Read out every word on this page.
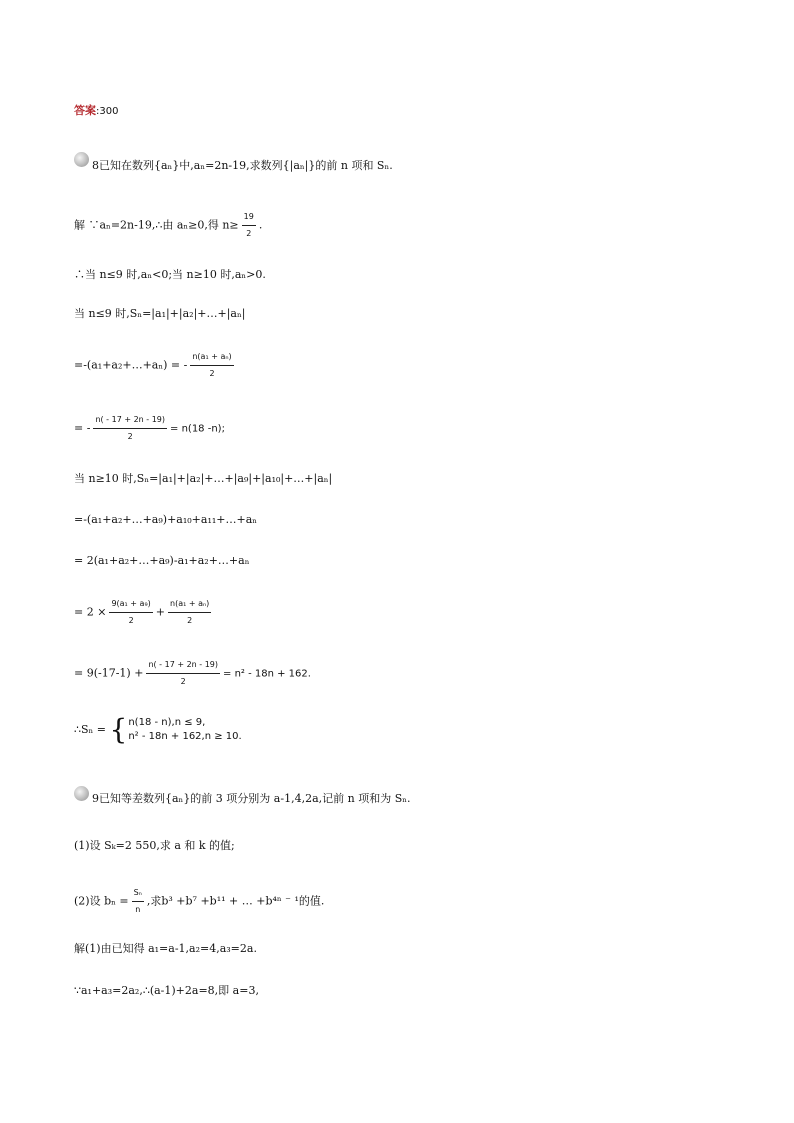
答案:300
8已知在数列{aₙ}中,aₙ=2n-19,求数列{|aₙ|}的前 n 项和 Sₙ.
解 ∵aₙ=2n-19,∴由 aₙ≥0,得 $n\ge \frac{19}{2}$ .
∴当 n≤9 时,aₙ<0;当 n≥10 时,aₙ>0.
当 n≤9 时,Sₙ=|a₁|+|a₂|+…+|aₙ|
=-(a₁+a₂+…+aₙ) = - $\frac{\text{n(a₁ + aₙ)}}{2}$
= - $\frac{n( - 17 + 2n - 19)}{2} = n(18$ -n);
当 n≥10 时,Sₙ=|a₁|+|a₂|+…+|a₉|+|a₁₀|+…+|aₙ|
=-(a₁+a₂+…+a₉)+a₁₀+a₁₁+…+aₙ
= 2(a₁+a₂+…+a₉)-a₁+a₂+…+aₙ
= $2 \times \frac{\text{9(a₁ + a₉)}}{2} + \frac{\text{n(a₁ + aₙ)}}{2}$
= $9(-17-1) + \frac{n( - 17 + 2n - 19)}{2} = n^2 - 18n + 162$.
∴Sₙ = { n(18 - n),n ≤ 9,
n² - 18n + 162,n ≥ 10.
9已知等差数列{aₙ}的前 3 项分别为 a-1,4,2a,记前 n 项和为 Sₙ.
(1)设 Sₖ=2 550,求 a 和 k 的值;
(2)设 $b_n = \frac{\text{Sₙ}}{n}$ ,求b³ +b⁷ +b¹¹ + … +b⁴ⁿ ⁻ ¹的值.
解(1)由已知得 a₁=a-1,a₂=4,a₃=2a.
∵a₁+a₃=2a₂,∴(a-1)+2a=8,即 a=3,
